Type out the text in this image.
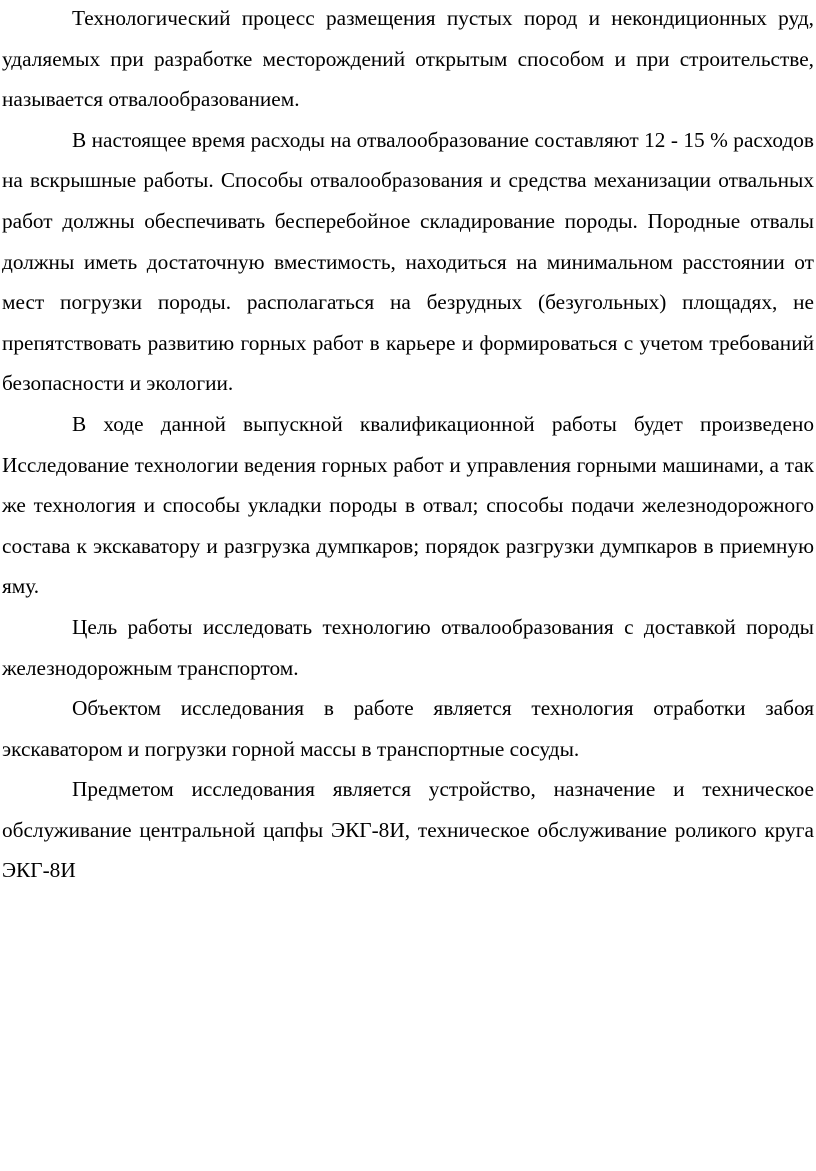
Технологический процесс размещения пустых пород и некондиционных руд, удаляемых при разработке месторождений открытым способом и при строительстве, называется отвалообразованием.

В настоящее время расходы на отвалообразование составляют 12 - 15 % расходов на вскрышные работы. Способы отвалообразования и средства механизации отвальных работ должны обеспечивать бесперебойное складирование породы. Породные отвалы должны иметь достаточную вместимость, находиться на минимальном расстоянии от мест погрузки породы. располагаться на безрудных (безугольных) площадях, не препятствовать развитию горных работ в карьере и формироваться с учетом требований безопасности и экологии.

В ходе данной выпускной квалификационной работы будет произведено Исследование технологии ведения горных работ и управления горными машинами, а так же технология и способы укладки породы в отвал; способы подачи железнодорожного состава к экскаватору и разгрузка думпкаров; порядок разгрузки думпкаров в приемную яму.

Цель работы исследовать технологию отвалообразования с доставкой породы железнодорожным транспортом.

Объектом исследования в работе является технология отработки забоя экскаватором и погрузки горной массы в транспортные сосуды.

Предметом исследования является устройство, назначение и техническое обслуживание центральной цапфы ЭКГ-8И, техническое обслуживание роликого круга ЭКГ-8И
